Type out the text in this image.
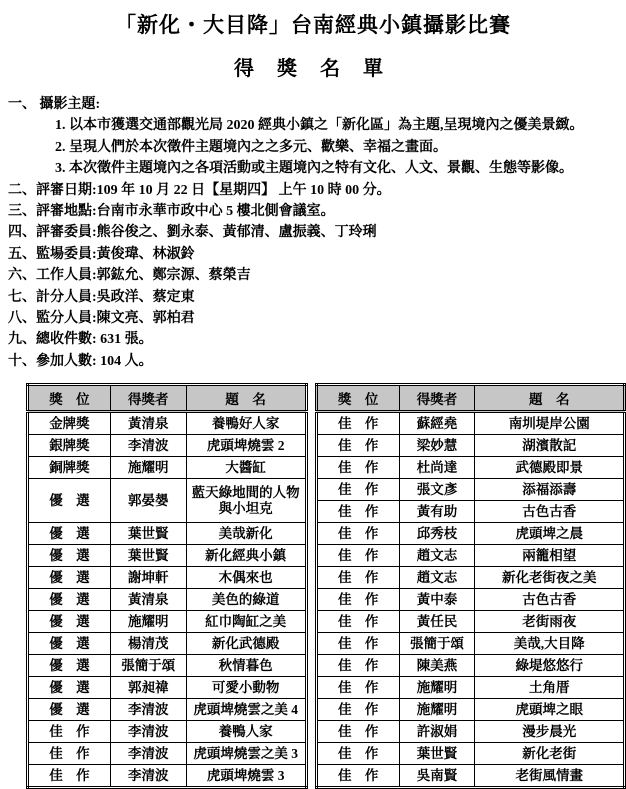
「新化・大目降」台南經典小鎮攝影比賽
得 獎 名 單
一、 攝影主題:
1. 以本市獲選交通部觀光局 2020 經典小鎮之「新化區」為主題,呈現境內之優美景緻。
2. 呈現人們於本次徵件主題境內之之多元、歡樂、幸福之畫面。
3. 本次徵件主題境內之各項活動或主題境內之特有文化、人文、景觀、生態等影像。
二、評審日期:109 年 10 月 22 日【星期四】 上午 10 時 00 分。
三、評審地點:台南市永華市政中心 5 樓北側會議室。
四、評審委員:熊谷俊之、劉永泰、黃郁清、盧振義、丁玲琍
五、監場委員:黃俊瑋、林淑鈴
六、工作人員:郭鈜允、鄭宗源、蔡榮吉
七、計分人員:吳政洋、蔡定東
八、監分人員:陳文亮、郭柏君
九、總收件數: 631 張。
十、參加人數: 104 人。
獎　位	得獎者	題　名
金牌獎	黃清泉	養鴨好人家
銀牌獎	李清波	虎頭埤燒雲 2
銅牌獎	施耀明	大醬缸
優　選	郭晏嫢	藍天綠地間的人物與小坦克
優　選	葉世賢	美哉新化
優　選	葉世賢	新化經典小鎮
優　選	謝坤軒	木偶來也
優　選	黃清泉	美色的綠道
優　選	施耀明	紅巾陶缸之美
優　選	楊清茂	新化武德殿
優　選	張簡于頌	秋情暮色
優　選	郭昶禕	可愛小動物
優　選	李清波	虎頭埤燒雲之美 4
佳　作	李清波	養鴨人家
佳　作	李清波	虎頭埤燒雲之美 3
佳　作	李清波	虎頭埤燒雲 3
獎　位	得獎者	題　名
佳　作	蘇經堯	南圳堤岸公園
佳　作	梁妙慧	湖濱散記
佳　作	杜尚達	武德殿即景
佳　作	張文彥	添福添壽
佳　作	黃有助	古色古香
佳　作	邱秀枝	虎頭埤之晨
佳　作	趙文志	兩籠相望
佳　作	趙文志	新化老街夜之美
佳　作	黃中泰	古色古香
佳　作	黃任民	老街雨夜
佳　作	張簡于頌	美哉,大目降
佳　作	陳美燕	綠堤悠悠行
佳　作	施耀明	土角厝
佳　作	施耀明	虎頭埤之眼
佳　作	許淑娟	漫步晨光
佳　作	葉世賢	新化老街
佳　作	吳南賢	老街風情畫
